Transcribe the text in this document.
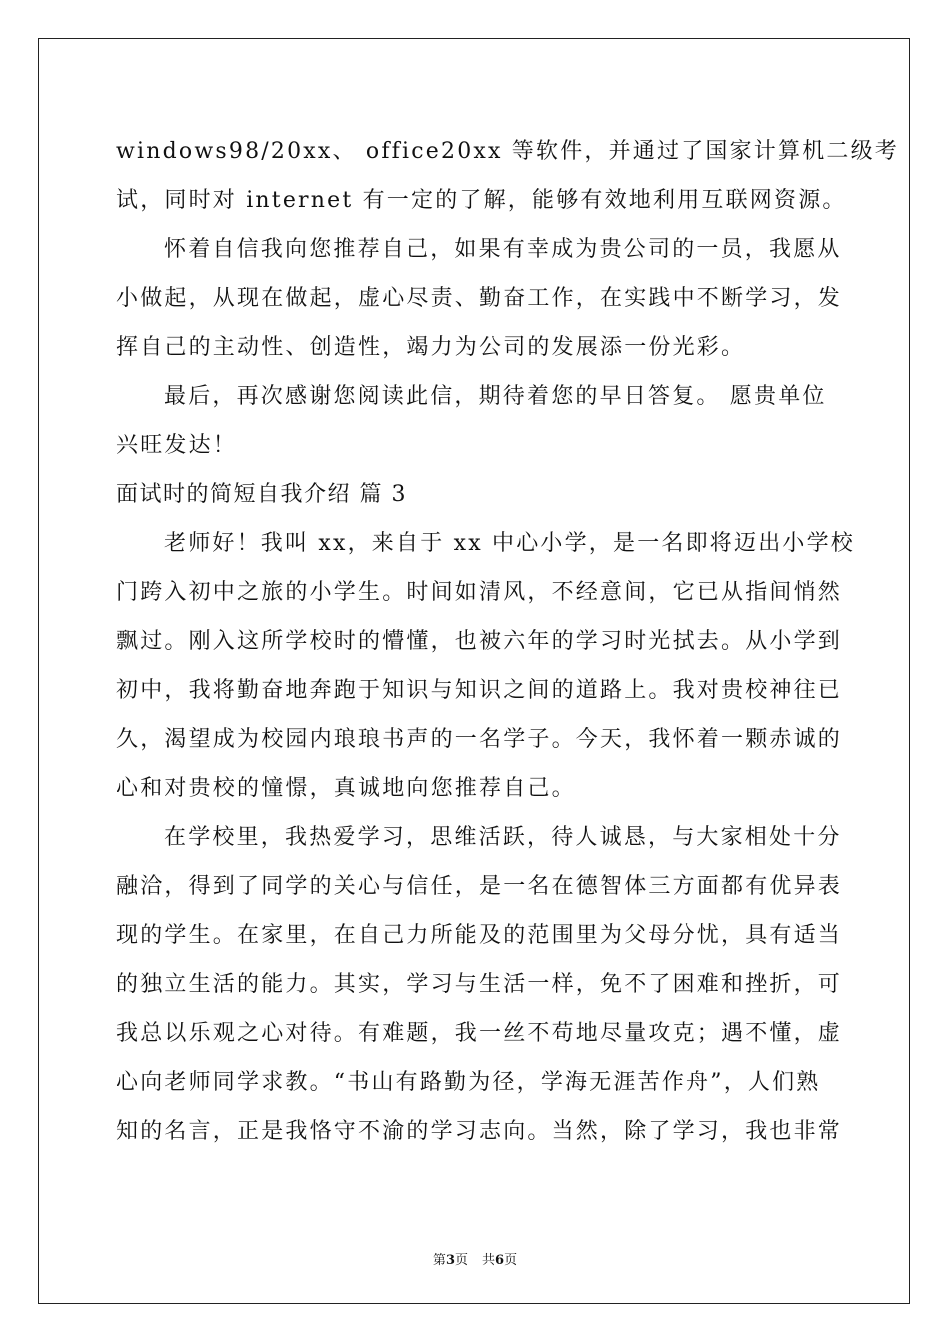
windows98/20xx、 office20xx 等软件，并通过了国家计算机二级考
试，同时对 internet 有一定的了解，能够有效地利用互联网资源。
怀着自信我向您推荐自己，如果有幸成为贵公司的一员，我愿从
小做起，从现在做起，虚心尽责、勤奋工作，在实践中不断学习，发
挥自己的主动性、创造性，竭力为公司的发展添一份光彩。
最后，再次感谢您阅读此信，期待着您的早日答复。 愿贵单位
兴旺发达！
面试时的简短自我介绍 篇 3
老师好！我叫 xx，来自于 xx 中心小学，是一名即将迈出小学校
门跨入初中之旅的小学生。时间如清风，不经意间，它已从指间悄然
飘过。刚入这所学校时的懵懂，也被六年的学习时光拭去。从小学到
初中，我将勤奋地奔跑于知识与知识之间的道路上。我对贵校神往已
久，渴望成为校园内琅琅书声的一名学子。今天，我怀着一颗赤诚的
心和对贵校的憧憬，真诚地向您推荐自己。
在学校里，我热爱学习，思维活跃，待人诚恳，与大家相处十分
融洽，得到了同学的关心与信任，是一名在德智体三方面都有优异表
现的学生。在家里，在自己力所能及的范围里为父母分忧，具有适当
的独立生活的能力。其实，学习与生活一样，免不了困难和挫折，可
我总以乐观之心对待。有难题，我一丝不苟地尽量攻克；遇不懂，虚
心向老师同学求教。“书山有路勤为径，学海无涯苦作舟”，人们熟
知的名言，正是我恪守不渝的学习志向。当然，除了学习，我也非常
第3页 共6页
